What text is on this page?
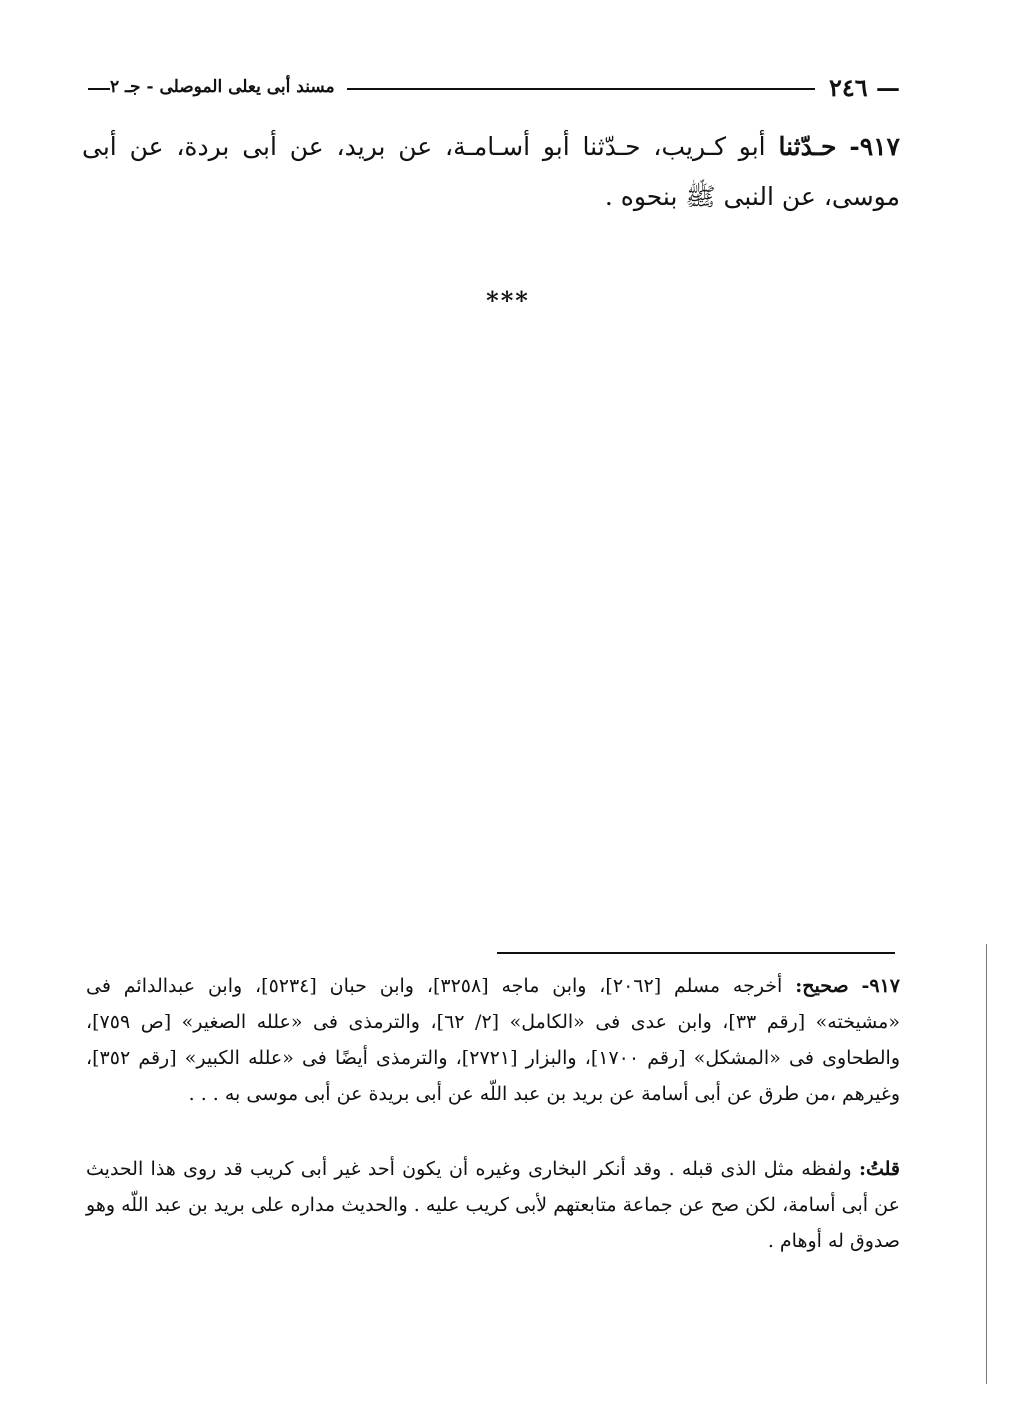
— ٢٤٦
مسند أبى يعلى الموصلى - جـ ٢
٩١٧- حـدّثنا أبو كـريب، حـدّثنا أبو أسـامـة، عن بريد، عن أبى بردة، عن أبى موسى، عن النبى ﷺ بنحوه .
***
٩١٧- صحيح: أخرجه مسلم [٢٠٦٢]، وابن ماجه [٣٢٥٨]، وابن حبان [٥٢٣٤]، وابن عبدالدائم فى «مشيخته» [رقم ٣٣]، وابن عدى فى «الكامل» [٢/ ٦٢]، والترمذى فى «علله الصغير» [ص ٧٥٩]، والطحاوى فى «المشكل» [رقم ١٧٠٠]، والبزار [٢٧٢١]، والترمذى أيضًا فى «علله الكبير» [رقم ٣٥٢]، وغيرهم ،من طرق عن أبى أسامة عن بريد بن عبد اللّه عن أبى بريدة عن أبى موسى به . . .
قلتُ: ولفظه مثل الذى قبله . وقد أنكر البخارى وغيره أن يكون أحد غير أبى كريب قد روى هذا الحديث عن أبى أسامة، لكن صح عن جماعة متابعتهم لأبى كريب عليه . والحديث مداره على بريد بن عبد اللّه وهو صدوق له أوهام .
